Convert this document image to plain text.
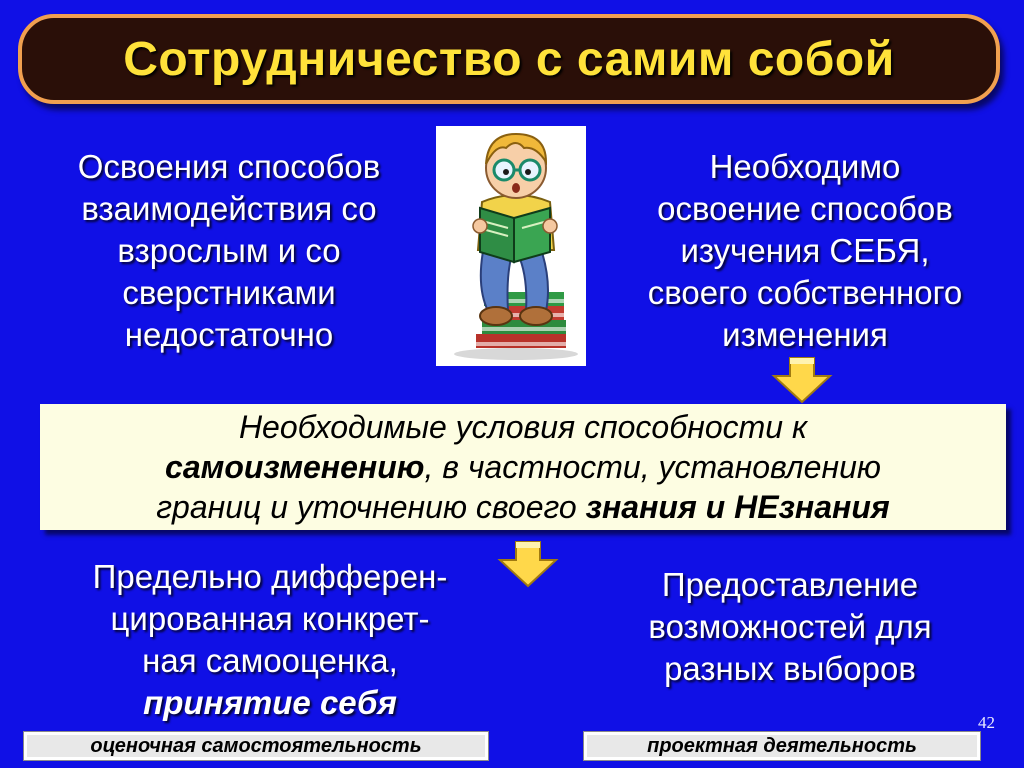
Сотрудничество с самим собой
Освоения способов
взаимодействия со
взрослым и со
сверстниками
недостаточно
Необходимо
освоение способов
изучения СЕБЯ,
своего собственного
изменения
Необходимые условия способности к
самоизменению, в частности, установлению
границ и уточнению своего знания и НЕзнания
Предельно дифферен-
цированная конкрет-
ная самооценка,
принятие себя
Предоставление
возможностей для
разных выборов
оценочная самостоятельность	проектная деятельность
42
